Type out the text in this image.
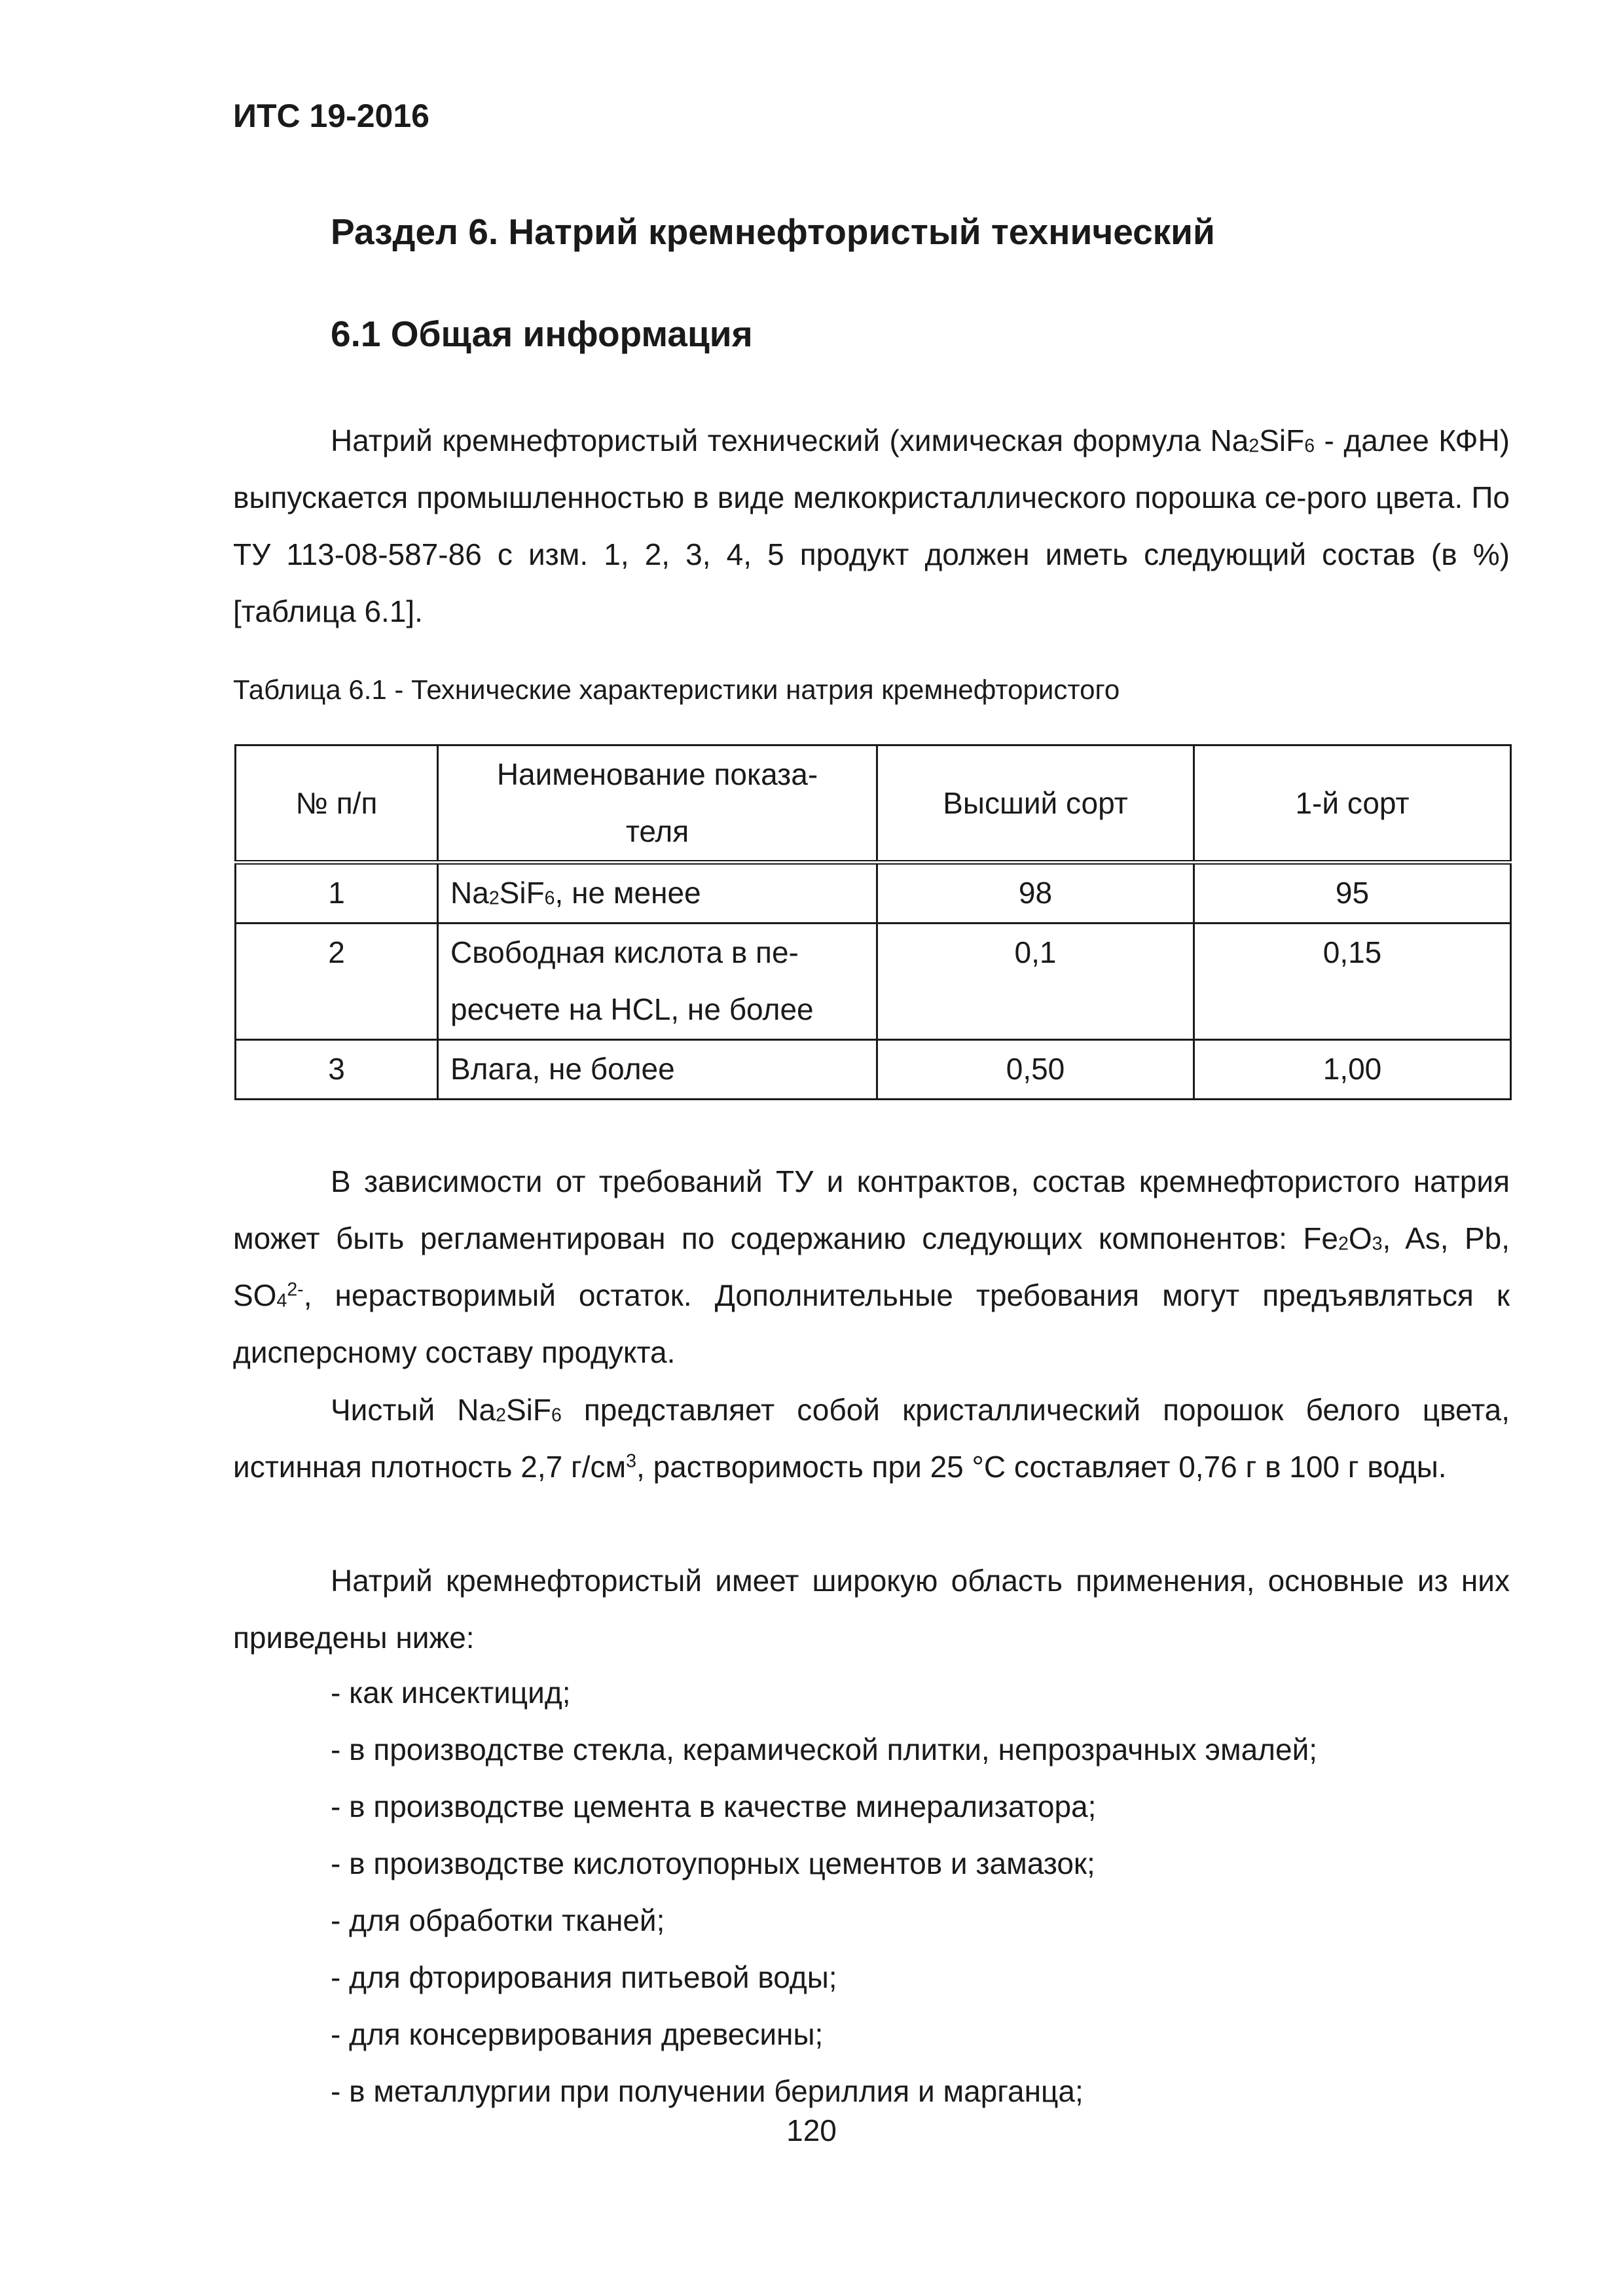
ИТС 19-2016
Раздел 6. Натрий кремнефтористый технический
6.1 Общая информация
Натрий кремнефтористый технический (химическая формула $Na_2SiF_6$ - далее КФН) выпускается промышленностью в виде мелкокристаллического порошка се-рого цвета. По ТУ 113-08-587-86 с изм. 1, 2, 3, 4, 5 продукт должен иметь следующий состав (в %) [таблица 6.1].
Таблица 6.1 - Технические характеристики натрия кремнефтористого
№ п/п	Наименование показа-теля	Высший сорт	1-й сорт
1	$Na_2SiF_6$, не менее	98	95
2	Свободная кислота в пе-ресчете на HCL, не более	0,1	0,15
3	Влага, не более	0,50	1,00
В зависимости от требований ТУ и контрактов, состав кремнефтористого натрия может быть регламентирован по содержанию следующих компонентов: $Fe_2O_3$, As, Pb, $SO_4^{2-}$, нерастворимый остаток. Дополнительные требования могут предъявляться к дисперсному составу продукта.
Чистый $Na_2SiF_6$ представляет собой кристаллический порошок белого цвета, истинная плотность 2,7 $г/см^3$, растворимость при 25 °С составляет 0,76 г в 100 г воды.
Натрий кремнефтористый имеет широкую область применения, основные из них приведены ниже:
- как инсектицид;
- в производстве стекла, керамической плитки, непрозрачных эмалей;
- в производстве цемента в качестве минерализатора;
- в производстве кислотоупорных цементов и замазок;
- для обработки тканей;
- для фторирования питьевой воды;
- для консервирования древесины;
- в металлургии при получении бериллия и марганца;
120
